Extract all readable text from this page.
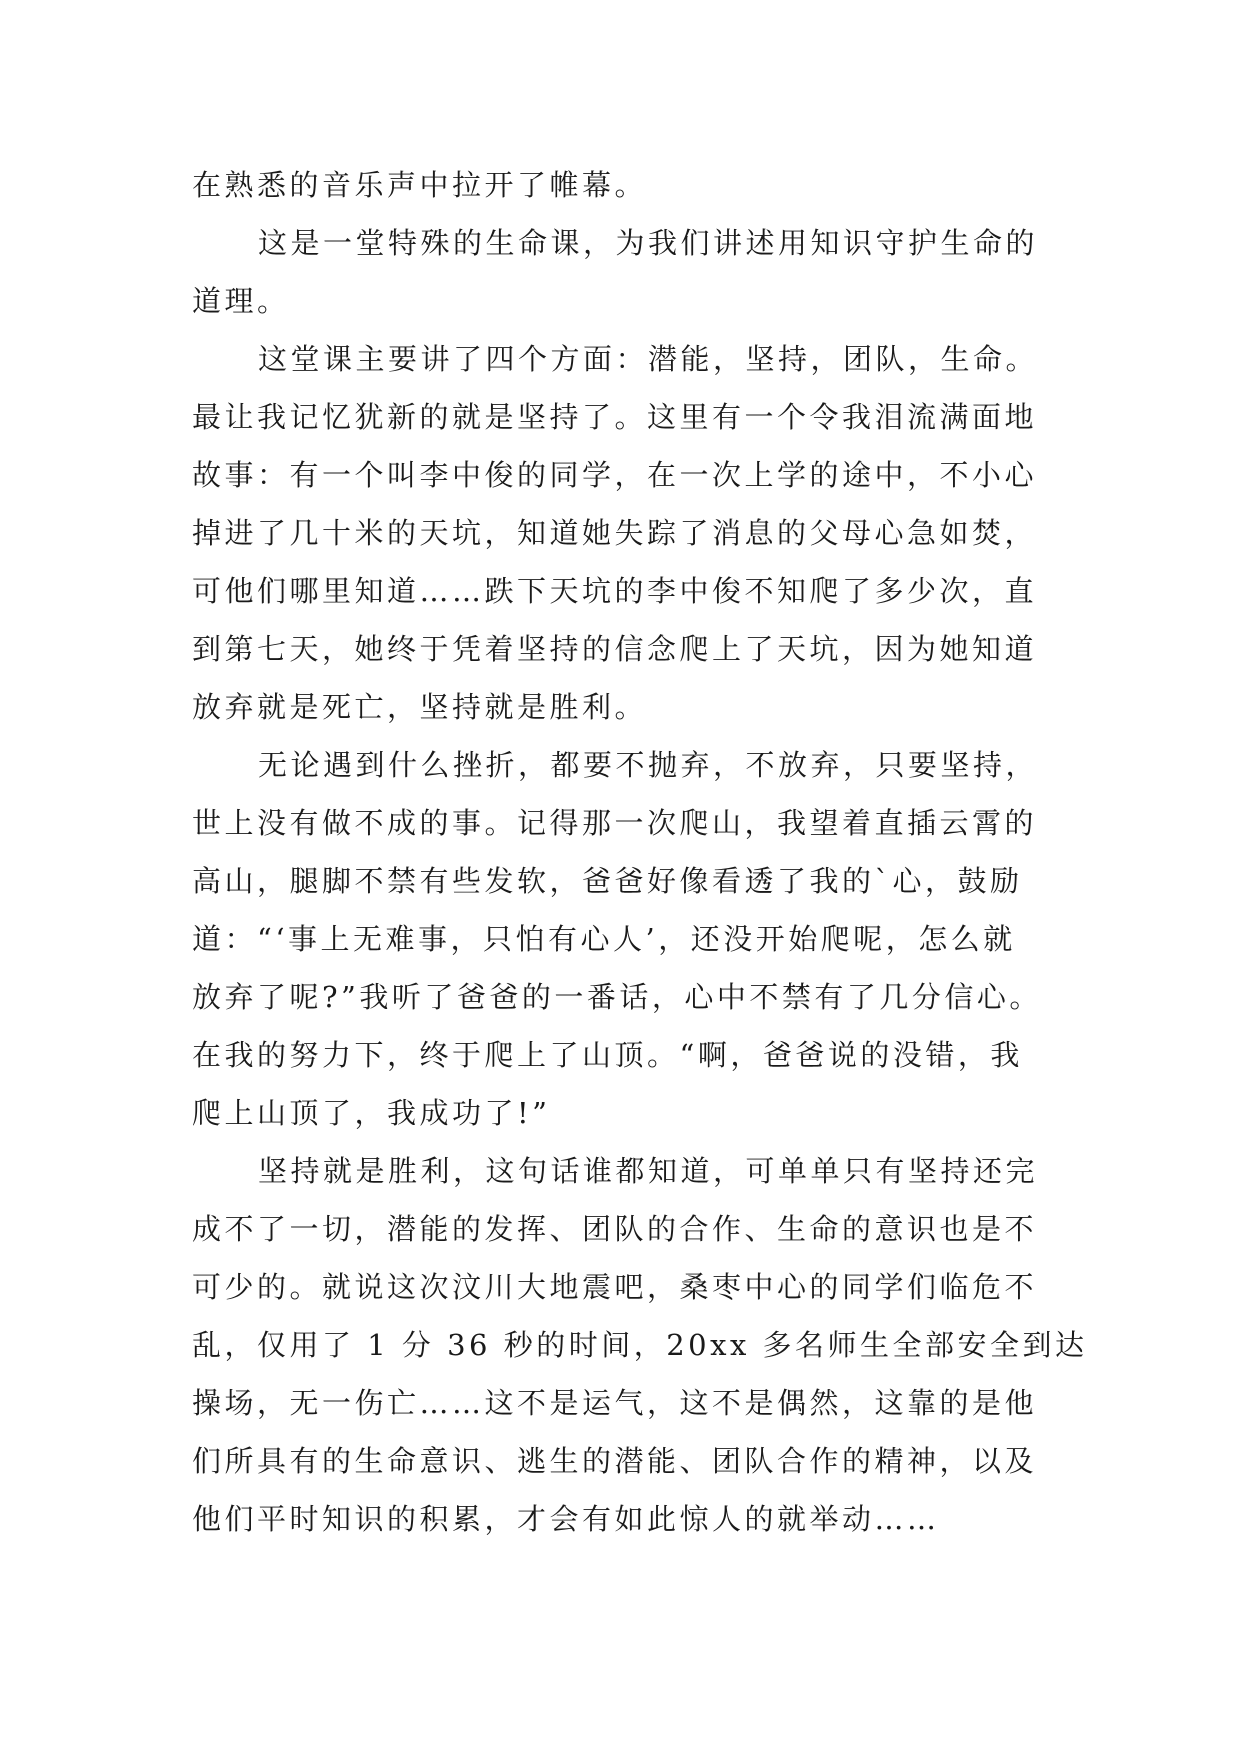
在熟悉的音乐声中拉开了帷幕。
这是一堂特殊的生命课，为我们讲述用知识守护生命的
道理。
这堂课主要讲了四个方面：潜能，坚持，团队，生命。
最让我记忆犹新的就是坚持了。这里有一个令我泪流满面地
故事：有一个叫李中俊的同学，在一次上学的途中，不小心
掉进了几十米的天坑，知道她失踪了消息的父母心急如焚，
可他们哪里知道……跌下天坑的李中俊不知爬了多少次，直
到第七天，她终于凭着坚持的信念爬上了天坑，因为她知道
放弃就是死亡，坚持就是胜利。
无论遇到什么挫折，都要不抛弃，不放弃，只要坚持，
世上没有做不成的事。记得那一次爬山，我望着直插云霄的
高山，腿脚不禁有些发软，爸爸好像看透了我的`心，鼓励
道：“‘事上无难事，只怕有心人’，还没开始爬呢，怎么就
放弃了呢?”我听了爸爸的一番话，心中不禁有了几分信心。
在我的努力下，终于爬上了山顶。“啊，爸爸说的没错，我
爬上山顶了，我成功了!”
坚持就是胜利，这句话谁都知道，可单单只有坚持还完
成不了一切，潜能的发挥、团队的合作、生命的意识也是不
可少的。就说这次汶川大地震吧，桑枣中心的同学们临危不
乱，仅用了 1 分 36 秒的时间，20xx 多名师生全部安全到达
操场，无一伤亡……这不是运气，这不是偶然，这靠的是他
们所具有的生命意识、逃生的潜能、团队合作的精神，以及
他们平时知识的积累，才会有如此惊人的就举动……
